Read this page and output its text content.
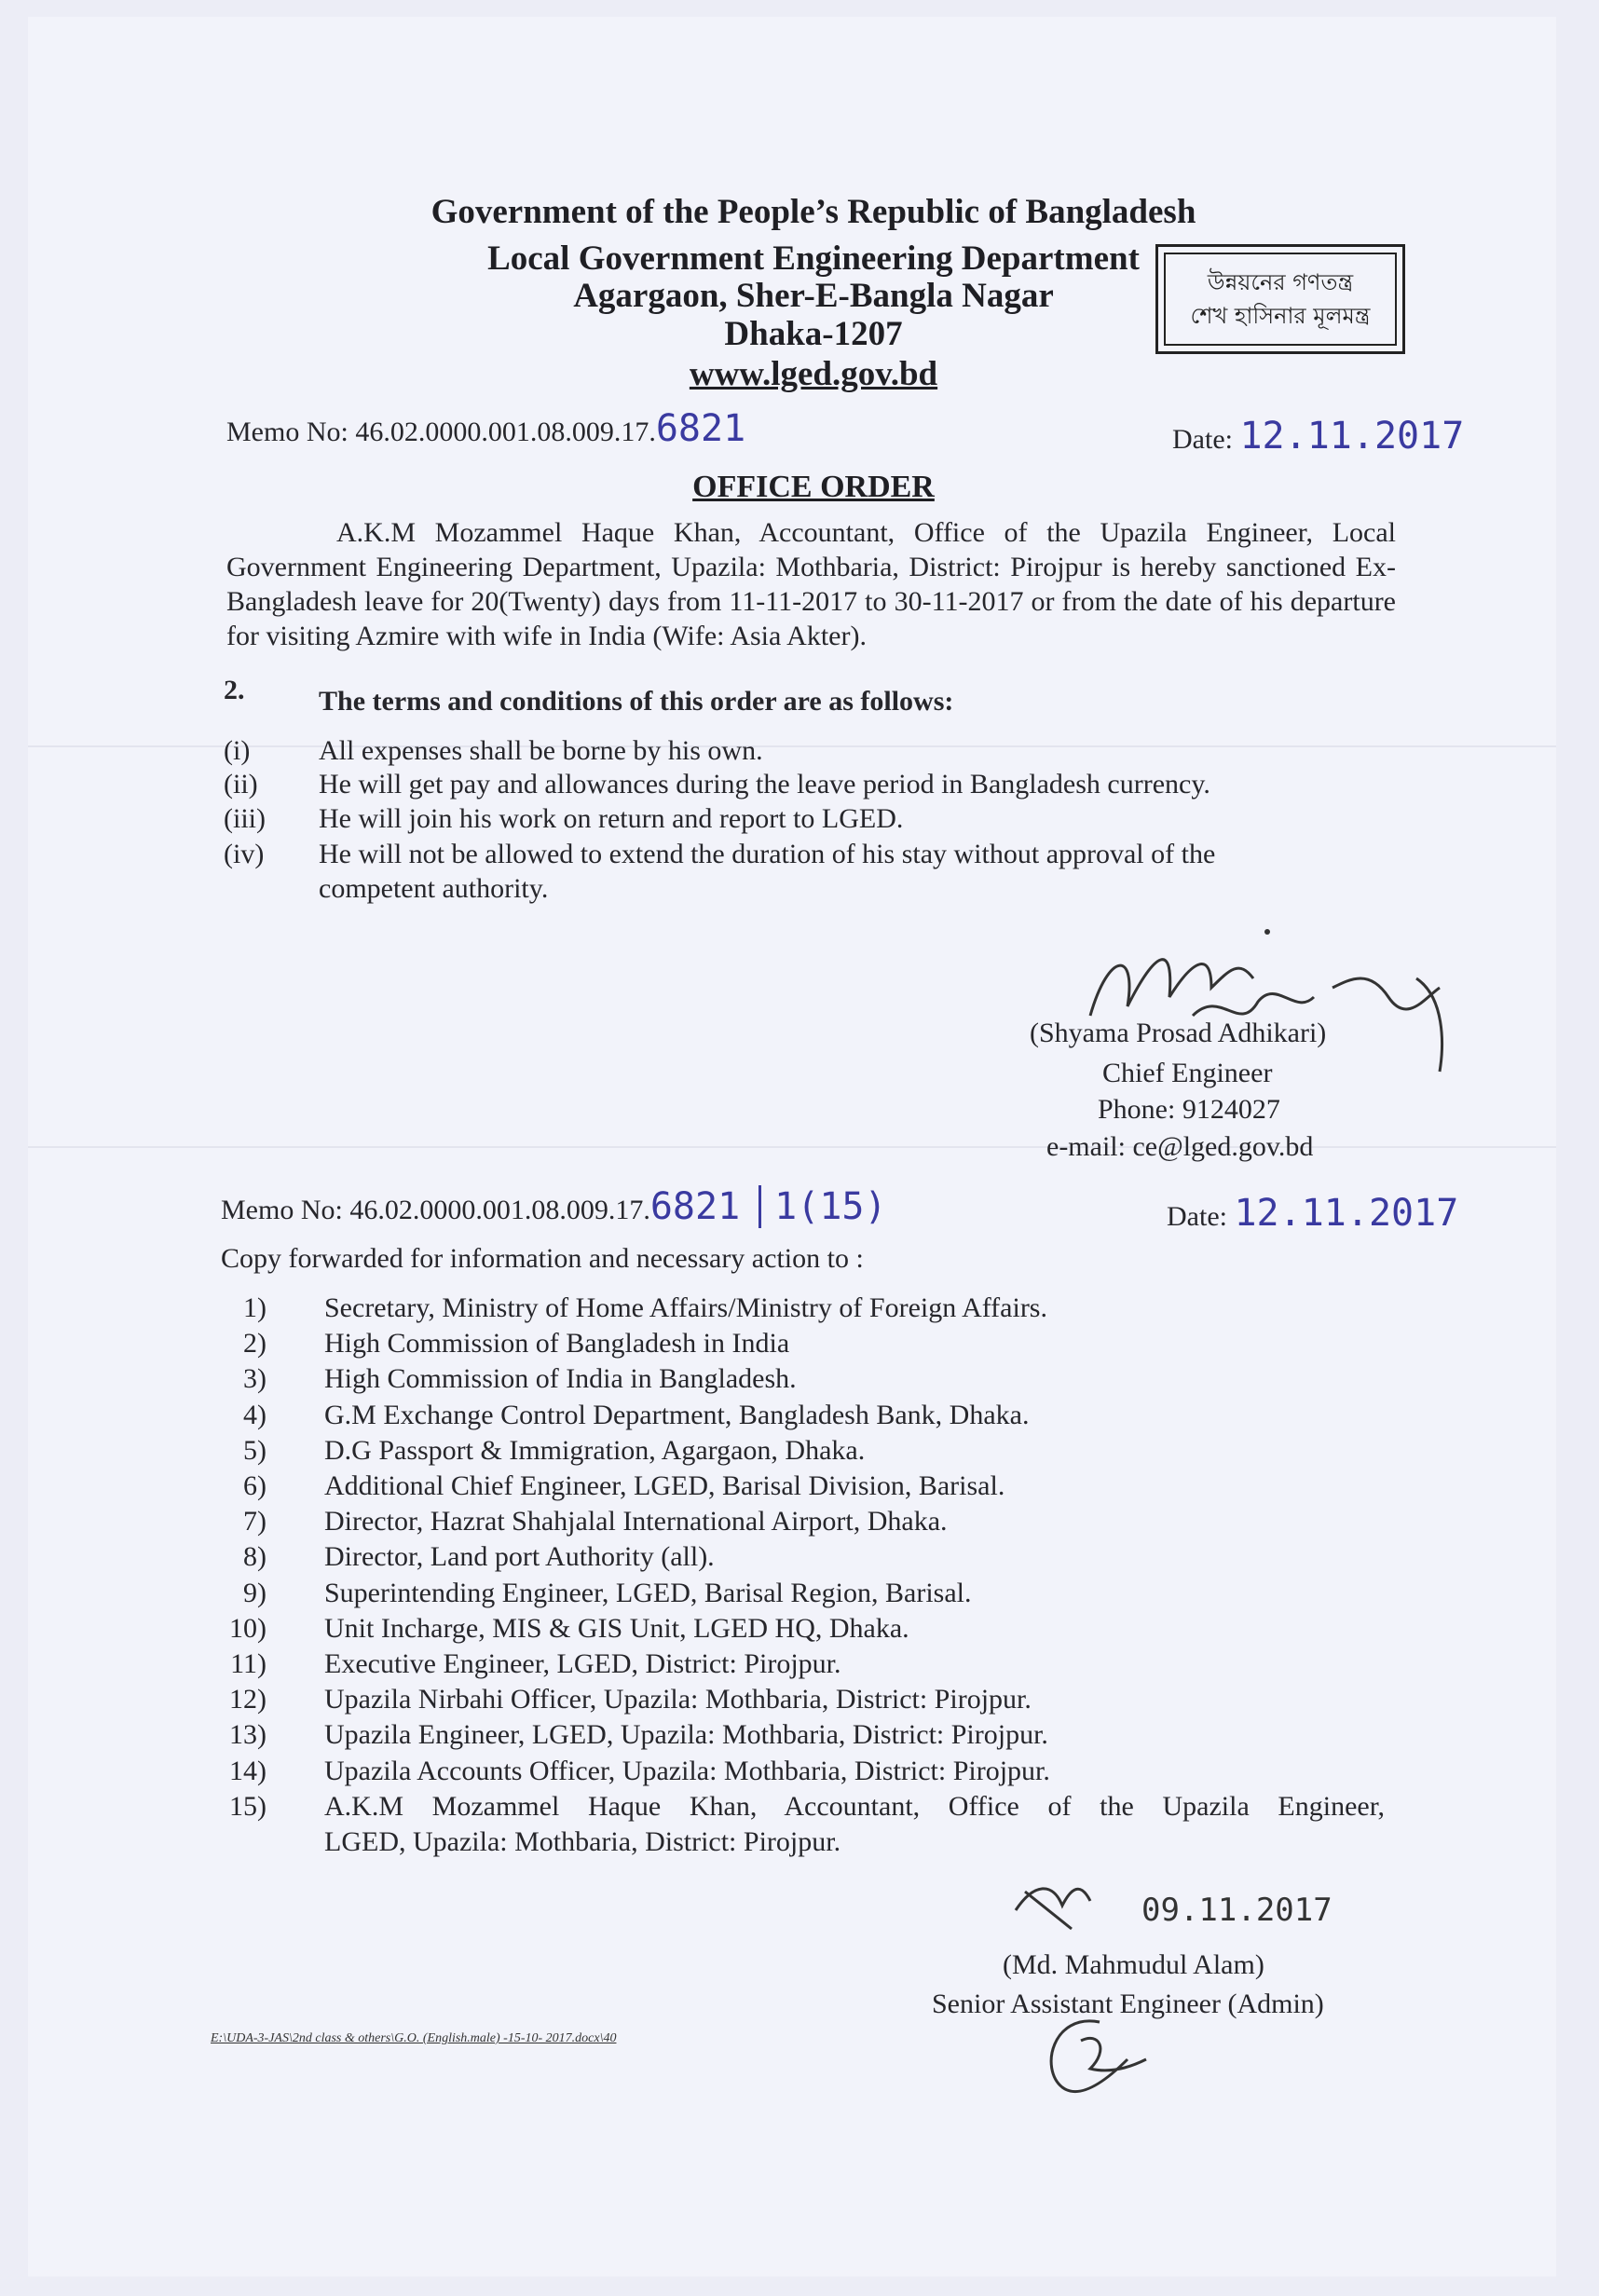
Government of the People’s Republic of Bangladesh
Local Government Engineering Department
Agargaon, Sher-E-Bangla Nagar
Dhaka-1207
www.lged.gov.bd
উন্নয়নের গণতন্ত্র
শেখ হাসিনার মূলমন্ত্র
Memo No: 46.02.0000.001.08.009.17.6821	Date: 12.11.2017
OFFICE ORDER
A.K.M Mozammel Haque Khan, Accountant, Office of the Upazila Engineer, Local Government Engineering Department, Upazila: Mothbaria, District: Pirojpur is hereby sanctioned Ex-Bangladesh leave for 20(Twenty) days from 11-11-2017 to 30-11-2017 or from the date of his departure for visiting Azmire with wife in India (Wife: Asia Akter).
2.	The terms and conditions of this order are as follows:
(i) All expenses shall be borne by his own.
(ii) He will get pay and allowances during the leave period in Bangladesh currency.
(iii) He will join his work on return and report to LGED.
(iv) He will not be allowed to extend the duration of his stay without approval of the
competent authority.
(Shyama Prosad Adhikari)
Chief Engineer
Phone: 9124027
e-mail: ce@lged.gov.bd
Memo No: 46.02.0000.001.08.009.17.6821 1(15)	Date: 12.11.2017
Copy forwarded for information and necessary action to :
1) Secretary, Ministry of Home Affairs/Ministry of Foreign Affairs.
2) High Commission of Bangladesh in India
3) High Commission of India in Bangladesh.
4) G.M Exchange Control Department, Bangladesh Bank, Dhaka.
5) D.G Passport & Immigration, Agargaon, Dhaka.
6) Additional Chief Engineer, LGED, Barisal Division, Barisal.
7) Director, Hazrat Shahjalal International Airport, Dhaka.
8) Director, Land port Authority (all).
9) Superintending Engineer, LGED, Barisal Region, Barisal.
10) Unit Incharge, MIS & GIS Unit, LGED HQ, Dhaka.
11) Executive Engineer, LGED, District: Pirojpur.
12) Upazila Nirbahi Officer, Upazila: Mothbaria, District: Pirojpur.
13) Upazila Engineer, LGED, Upazila: Mothbaria, District: Pirojpur.
14) Upazila Accounts Officer, Upazila: Mothbaria, District: Pirojpur.
15) A.K.M Mozammel Haque Khan, Accountant, Office of the Upazila Engineer,
LGED, Upazila: Mothbaria, District: Pirojpur.
09.11.2017
(Md. Mahmudul Alam)
Senior Assistant Engineer (Admin)
E:\UDA-3-JAS\2nd class & others\G.O. (English.male) -15-10- 2017.docx\40
